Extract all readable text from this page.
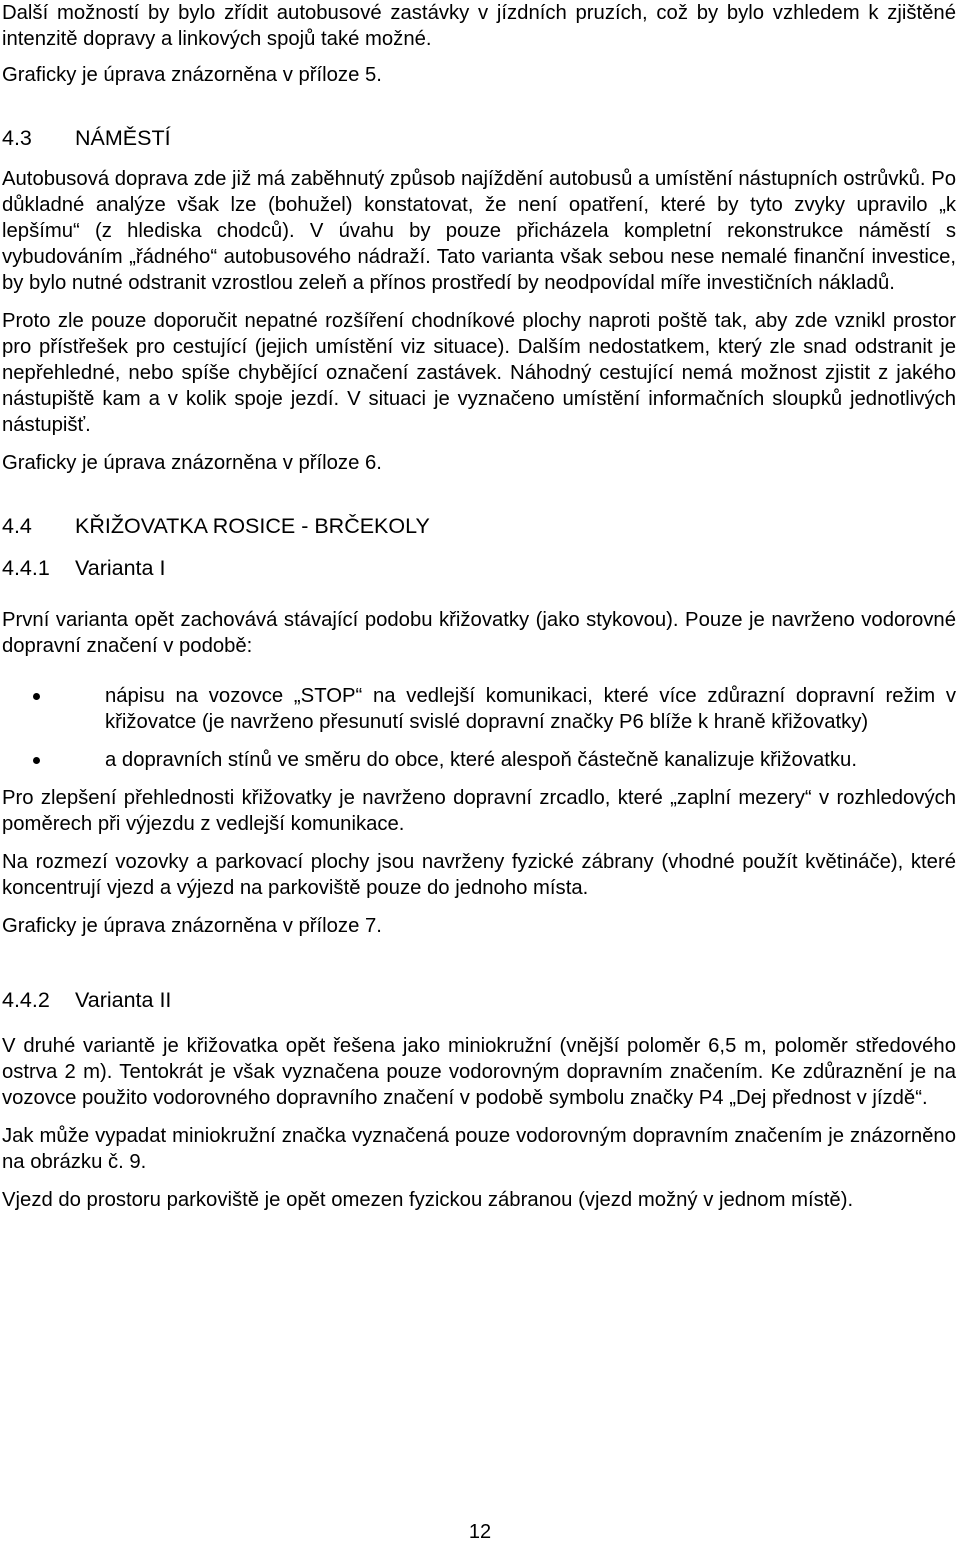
Další možností by bylo zřídit autobusové zastávky v jízdních pruzích, což by bylo vzhledem k zjištěné intenzitě dopravy a linkových spojů také možné.

Graficky je úprava znázorněna v příloze 5.

4.3	NÁMĚSTÍ

Autobusová doprava zde již má zaběhnutý způsob najíždění autobusů a umístění nástupních ostrůvků. Po důkladné analýze však lze (bohužel) konstatovat, že není opatření, které by tyto zvyky upravilo „k lepšímu“ (z hlediska chodců). V úvahu by pouze přicházela kompletní rekonstrukce náměstí s vybudováním „řádného“ autobusového nádraží. Tato varianta však sebou nese nemalé finanční investice, by bylo nutné odstranit vzrostlou zeleň a přínos prostředí by neodpovídal míře investičních nákladů.

Proto zle pouze doporučit nepatné rozšíření chodníkové plochy naproti poště tak, aby zde vznikl prostor pro přístřešek pro cestující (jejich umístění viz situace). Dalším nedostatkem, který zle snad odstranit je nepřehledné, nebo spíše chybějící označení zastávek. Náhodný cestující nemá možnost zjistit z jakého nástupiště kam a v kolik spoje jezdí. V situaci je vyznačeno umístění informačních sloupků jednotlivých nástupišť.

Graficky je úprava znázorněna v příloze 6.

4.4	KŘIŽOVATKA ROSICE - BRČEKOLY
4.4.1	Varianta I

První varianta opět zachovává stávající podobu křižovatky (jako stykovou). Pouze je navrženo vodorovné dopravní značení v podobě:

nápisu na vozovce „STOP“ na vedlejší komunikaci, které více zdůrazní dopravní režim v křižovatce (je navrženo přesunutí svislé dopravní značky P6 blíže k hraně křižovatky)
a dopravních stínů ve směru do obce, které alespoň částečně kanalizuje křižovatku.

Pro zlepšení přehlednosti křižovatky je navrženo dopravní zrcadlo, které „zaplní mezery“ v rozhledových poměrech při výjezdu z vedlejší komunikace.

Na rozmezí vozovky a parkovací plochy jsou navrženy fyzické zábrany (vhodné použít květináče), které koncentrují vjezd a výjezd na parkoviště pouze do jednoho místa.

Graficky je úprava znázorněna v příloze 7.

4.4.2	Varianta II

V druhé variantě je křižovatka opět řešena jako miniokružní (vnější poloměr 6,5 m, poloměr středového ostrva 2 m). Tentokrát je však vyznačena pouze vodorovným dopravním značením. Ke zdůraznění je na vozovce použito vodorovného dopravního značení v podobě symbolu značky P4 „Dej přednost v jízdě“.

Jak může vypadat miniokružní značka vyznačená pouze vodorovným dopravním značením je znázorněno na obrázku č. 9.

Vjezd do prostoru parkoviště je opět omezen fyzickou zábranou (vjezd možný v jednom místě).

12
